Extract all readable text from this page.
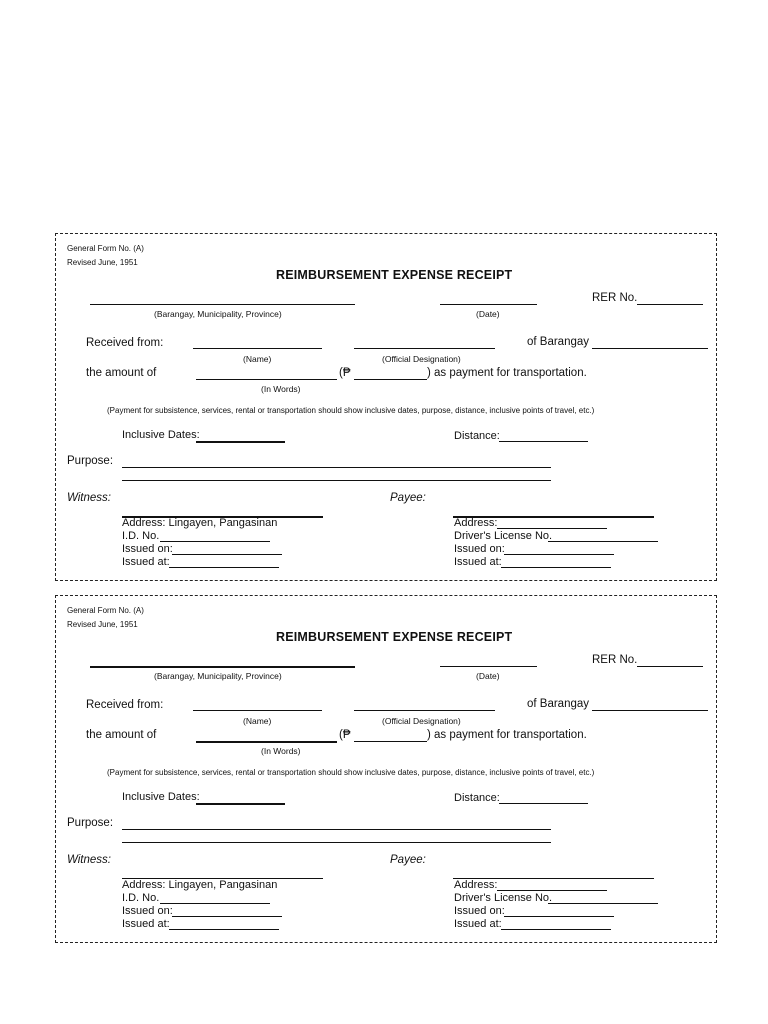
General Form No. (A)
Revised June, 1951
REIMBURSEMENT EXPENSE RECEIPT
(Barangay, Municipality, Province)	(Date)
RER No.
Received from:
(Name)	(Official Designation)
of Barangay
the amount of
(In Words)
(₱	) as payment for transportation.
(Payment for subsistence, services, rental or transportation should show inclusive dates, purpose, distance, inclusive points of travel, etc.)
Inclusive Dates:	Distance:
Purpose:
Witness:	Payee:
Address: Lingayen, Pangasinan
I.D. No.
Issued on:
Issued at:
Address:
Driver's License No.
Issued on:
Issued at:
General Form No. (A)
Revised June, 1951
REIMBURSEMENT EXPENSE RECEIPT
(Barangay, Municipality, Province)	(Date)
RER No.
Received from:
(Name)	(Official Designation)
of Barangay
the amount of
(In Words)
(₱	) as payment for transportation.
(Payment for subsistence, services, rental or transportation should show inclusive dates, purpose, distance, inclusive points of travel, etc.)
Inclusive Dates:	Distance:
Purpose:
Witness:	Payee:
Address: Lingayen, Pangasinan
I.D. No.
Issued on:
Issued at:
Address:
Driver's License No.
Issued on:
Issued at:
